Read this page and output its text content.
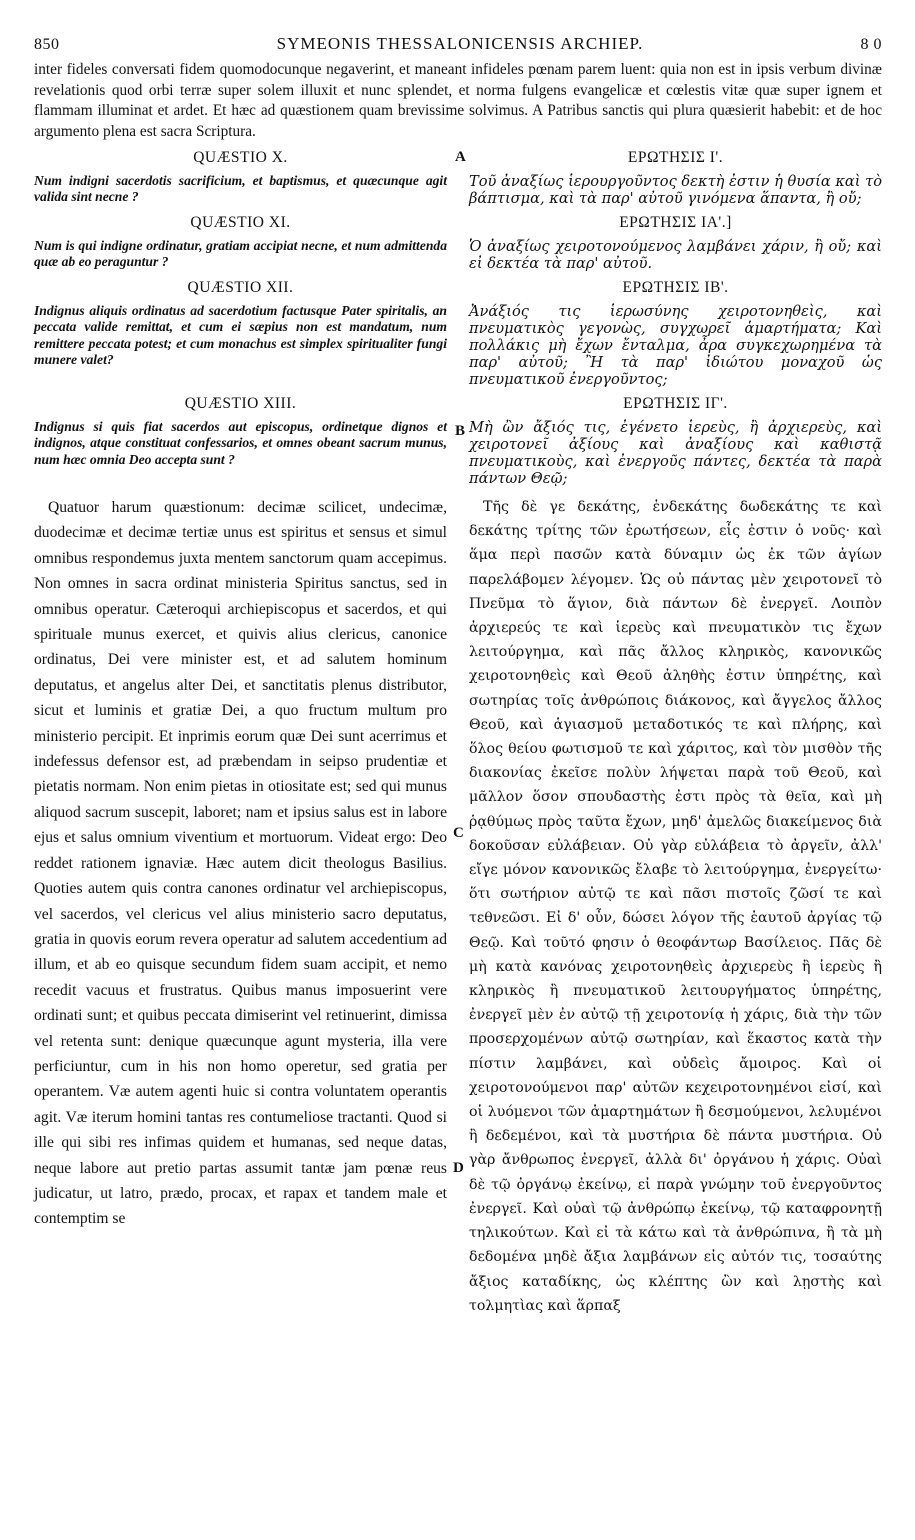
850	SYMEONIS THESSALONICENSIS ARCHIEP.	8 0
inter fideles conversati fidem quomodocunque negaverint, et maneant infideles pœnam parem luent: quia non est in ipsis verbum divinæ revelationis quod orbi terræ super solem illuxit et nunc splendet, et norma fulgens evangelicæ et cœlestis vitæ quæ super ignem et flammam illuminat et ardet. Et hæc ad quæstionem quam brevissime solvimus. A Patribus sanctis qui plura quæsierit habebit: et de hoc argumento plena est sacra Scriptura.
A
QUÆSTIO X.
Num indigni sacerdotis sacrificium, et baptismus, et quæcunque agit valida sint necne ?
ΕΡΩΤΗΣΙΣ Ι'.
Τοῦ ἀναξίως ἱερουργοῦντος δεκτὴ ἐστιν ἡ θυσία καὶ τὸ βάπτισμα, καὶ τὰ παρ' αὐτοῦ γινόμενα ἅπαντα, ἢ οὔ;
QUÆSTIO XI.
Num is qui indigne ordinatur, gratiam accipiat necne, et num admittenda quæ ab eo peraguntur ?
ΕΡΩΤΗΣΙΣ ΙΑ'.]
Ὁ ἀναξίως χειροτονούμενος λαμβάνει χάριν, ἢ οὔ; καὶ εἰ δεκτέα τὰ παρ' αὐτοῦ.
QUÆSTIO XII.
Indignus aliquis ordinatus ad sacerdotium factusque Pater spiritalis, an peccata valide remittat, et cum ei sæpius non est mandatum, num remittere peccata potest; et cum monachus est simplex spiritualiter fungi munere valet?
ΕΡΩΤΗΣΙΣ ΙΒ'.
Ἀνάξιός τις ἱερωσύνης χειροτονηθεὶς, καὶ πνευματικὸς γεγονὼς, συγχωρεῖ ἁμαρτήματα; Καὶ πολλάκις μὴ ἔχων ἔνταλμα, ἆρα συγκεχωρημένα τὰ παρ' αὐτοῦ; Ἢ τὰ παρ' ἰδιώτου μοναχοῦ ὡς πνευματικοῦ ἐνεργοῦντος;
B
QUÆSTIO XIII.
Indignus si quis fiat sacerdos aut episcopus, ordinetque dignos et indignos, atque constituat confessarios, et omnes obeant sacrum munus, num hæc omnia Deo accepta sunt ?
ΕΡΩΤΗΣΙΣ ΙΓ'.
Μὴ ὢν ἄξιός τις, ἐγένετο ἱερεὺς, ἢ ἀρχιερεὺς, καὶ χειροτονεῖ ἀξίους καὶ ἀναξίους καὶ καθιστᾷ πνευματικοὺς, καὶ ἐνεργοῦς πάντες, δεκτέα τὰ παρὰ πάντων Θεῷ;
C
D

Quatuor harum quæstionum: decimæ scilicet, undecimæ, duodecimæ et decimæ tertiæ unus est spiritus et sensus et simul omnibus respondemus juxta mentem sanctorum quam accepimus. Non omnes in sacra ordinat ministeria Spiritus sanctus, sed in omnibus operatur. Cæteroqui archiepiscopus et sacerdos, et qui spirituale munus exercet, et quivis alius clericus, canonice ordinatus, Dei vere minister est, et ad salutem hominum deputatus, et angelus alter Dei, et sanctitatis plenus distributor, sicut et luminis et gratiæ Dei, a quo fructum multum pro ministerio percipit. Et inprimis eorum quæ Dei sunt acerrimus et indefessus defensor est, ad præbendam in seipso prudentiæ et pietatis normam. Non enim pietas in otiositate est; sed qui munus aliquod sacrum suscepit, laboret; nam et ipsius salus est in labore ejus et salus omnium viventium et mortuorum. Videat ergo: Deo reddet rationem ignaviæ. Hæc autem dicit theologus Basilius. Quoties autem quis contra canones ordinatur vel archiepiscopus, vel sacerdos, vel clericus vel alius ministerio sacro deputatus, gratia in quovis eorum revera operatur ad salutem accedentium ad illum, et ab eo quisque secundum fidem suam accipit, et nemo recedit vacuus et frustratus. Quibus manus imposuerint vere ordinati sunt; et quibus peccata dimiserint vel retinuerint, dimissa vel retenta sunt: denique quæcunque agunt mysteria, illa vere perficiuntur, cum in his non homo operetur, sed gratia per operantem. Væ autem agenti huic si contra voluntatem operantis agit. Væ iterum homini tantas res contumeliose tractanti. Quod si ille qui sibi res infimas quidem et humanas, sed neque datas, neque labore aut pretio partas assumit tantæ jam pœnæ reus judicatur, ut latro, prædo, procax, et rapax et tandem male et contemptim se

Τῆς δὲ γε δεκάτης, ἑνδεκάτης δωδεκάτης τε καὶ δεκάτης τρίτης τῶν ἐρωτήσεων, εἷς ἐστιν ὁ νοῦς· καὶ ἅμα περὶ πασῶν κατὰ δύναμιν ὡς ἐκ τῶν ἁγίων παρελάβομεν λέγομεν. Ὡς οὐ πάντας μὲν χειροτονεῖ τὸ Πνεῦμα τὸ ἅγιον, διὰ πάντων δὲ ἐνεργεῖ. Λοιπὸν ἀρχιερεύς τε καὶ ἱερεὺς καὶ πνευματικὸν τις ἔχων λειτούργημα, καὶ πᾶς ἄλλος κληρικὸς, κανονικῶς χειροτονηθεὶς καὶ Θεοῦ ἀληθὴς ἐστιν ὑπηρέτης, καὶ σωτηρίας τοῖς ἀνθρώποις διάκονος, καὶ ἄγγελος ἄλλος Θεοῦ, καὶ ἁγιασμοῦ μεταδοτικός τε καὶ πλήρης, καὶ ὅλος θείου φωτισμοῦ τε καὶ χάριτος, καὶ τὸν μισθὸν τῆς διακονίας ἐκεῖσε πολὺν λήψεται παρὰ τοῦ Θεοῦ, καὶ μᾶλλον ὅσον σπουδαστὴς ἐστι πρὸς τὰ θεῖα, καὶ μὴ ῥᾳθύμως πρὸς ταῦτα ἔχων, μηδ' ἀμελῶς διακείμενος διὰ δοκοῦσαν εὐλάβειαν. Οὐ γὰρ εὐλάβεια τὸ ἀργεῖν, ἀλλ' εἴγε μόνον κανονικῶς ἔλαβε τὸ λειτούργημα, ἐνεργείτω· ὅτι σωτήριον αὐτῷ τε καὶ πᾶσι πιστοῖς ζῶσί τε καὶ τεθνεῶσι. Εἰ δ' οὖν, δώσει λόγον τῆς ἑαυτοῦ ἀργίας τῷ Θεῷ. Καὶ τοῦτό φησιν ὁ θεοφάντωρ Βασίλειος. Πᾶς δὲ μὴ κατὰ κανόνας χειροτονηθεὶς ἀρχιερεὺς ἢ ἱερεὺς ἢ κληρικὸς ἢ πνευματικοῦ λειτουργήματος ὑπηρέτης, ἐνεργεῖ μὲν ἐν αὐτῷ τῇ χειροτονίᾳ ἡ χάρις, διὰ τὴν τῶν προσερχομένων αὐτῷ σωτηρίαν, καὶ ἕκαστος κατὰ τὴν πίστιν λαμβάνει, καὶ οὐδεὶς ἄμοιρος. Καὶ οἱ χειροτονούμενοι παρ' αὐτῶν κεχειροτονημένοι εἰσί, καὶ οἱ λυόμενοι τῶν ἁμαρτημάτων ἢ δεσμούμενοι, λελυμένοι ἢ δεδεμένοι, καὶ τὰ μυστήρια δὲ πάντα μυστήρια. Οὐ γὰρ ἄνθρωπος ἐνεργεῖ, ἀλλὰ δι' ὀργάνου ἡ χάρις. Οὐαὶ δὲ τῷ ὀργάνῳ ἐκείνῳ, εἰ παρὰ γνώμην τοῦ ἐνεργοῦντος ἐνεργεῖ. Καὶ οὐαὶ τῷ ἀνθρώπῳ ἐκείνῳ, τῷ καταφρονητῇ τηλικούτων. Καὶ εἰ τὰ κάτω καὶ τὰ ἀνθρώπινα, ἢ τὰ μὴ δεδομένα μηδὲ ἄξια λαμβάνων εἰς αὐτόν τις, τοσαύτης ἄξιος καταδίκης, ὡς κλέπτης ὢν καὶ λῃστὴς καὶ τολμητὶας καὶ ἅρπαξ
